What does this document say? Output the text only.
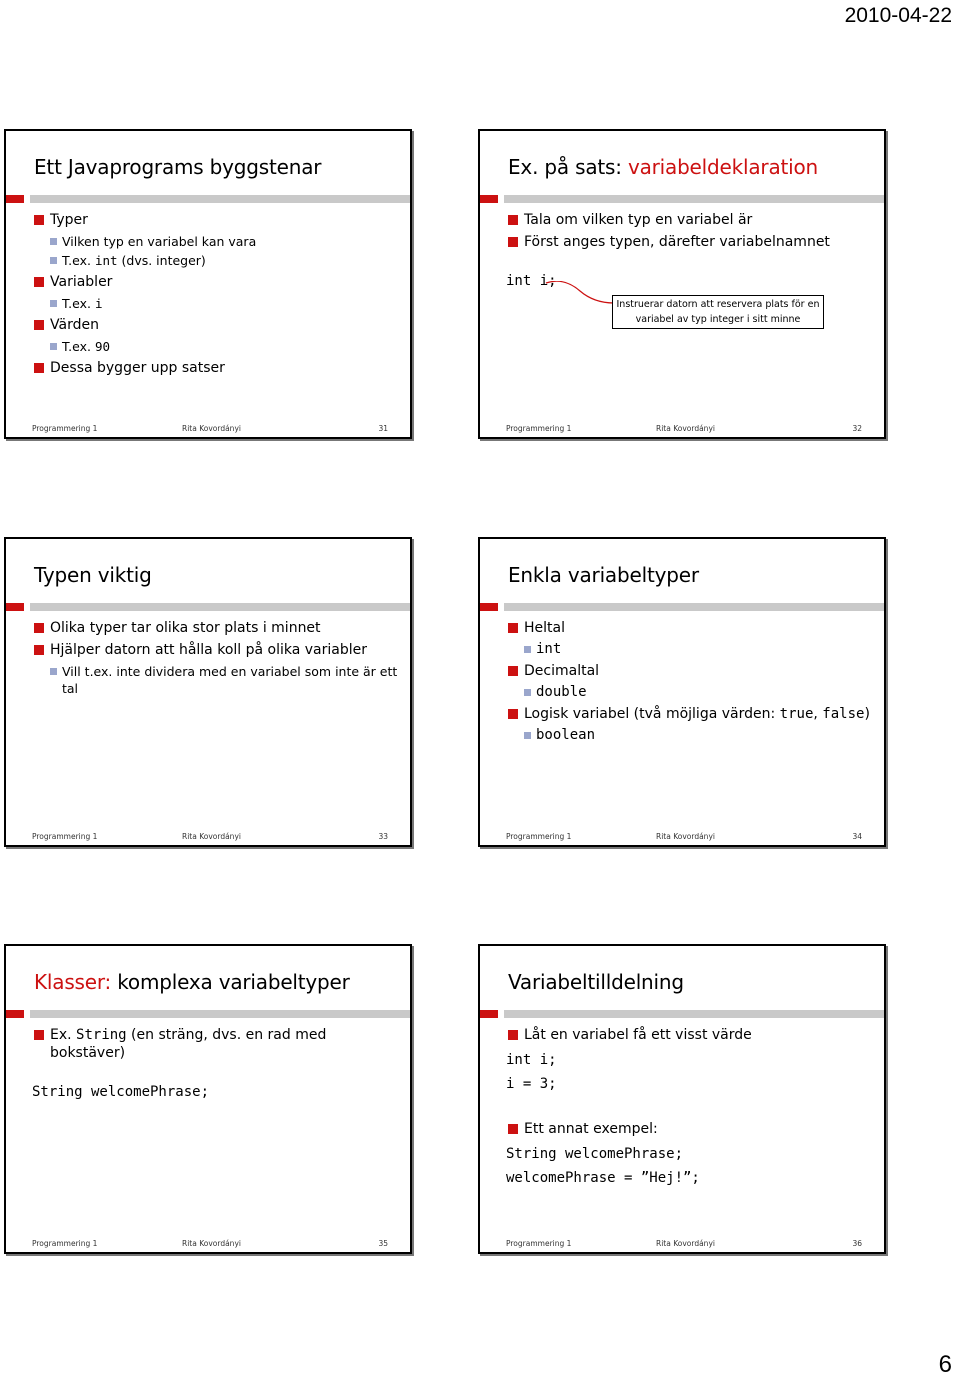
2010-04-22
Ett Javaprograms byggstenar
Typer
Vilken typ en variabel kan vara
T.ex. int (dvs. integer)
Variabler
T.ex. i
Värden
T.ex. 90
Dessa bygger upp satser
Programmering 1	Rita Kovordányi	31
Ex. på sats: variabeldeklaration
Tala om vilken typ en variabel är
Först anges typen, därefter variabelnamnet
int i;
Instruerar datorn att reservera plats för en
variabel av typ integer i sitt minne
Programmering 1	Rita Kovordányi	32
Typen viktig
Olika typer tar olika stor plats i minnet
Hjälper datorn att hålla koll på olika variabler
Vill t.ex. inte dividera med en variabel som inte är ett tal
Programmering 1	Rita Kovordányi	33
Enkla variabeltyper
Heltal
int
Decimaltal
double
Logisk variabel (två möjliga värden: true, false)
boolean
Programmering 1	Rita Kovordányi	34
Klasser: komplexa variabeltyper
Ex. String (en sträng, dvs. en rad med bokstäver)
String welcomePhrase;
Programmering 1	Rita Kovordányi	35
Variabeltilldelning
Låt en variabel få ett visst värde
int i;
i = 3;
Ett annat exempel:
String welcomePhrase;
welcomePhrase = ”Hej!”;
Programmering 1	Rita Kovordányi	36
6
